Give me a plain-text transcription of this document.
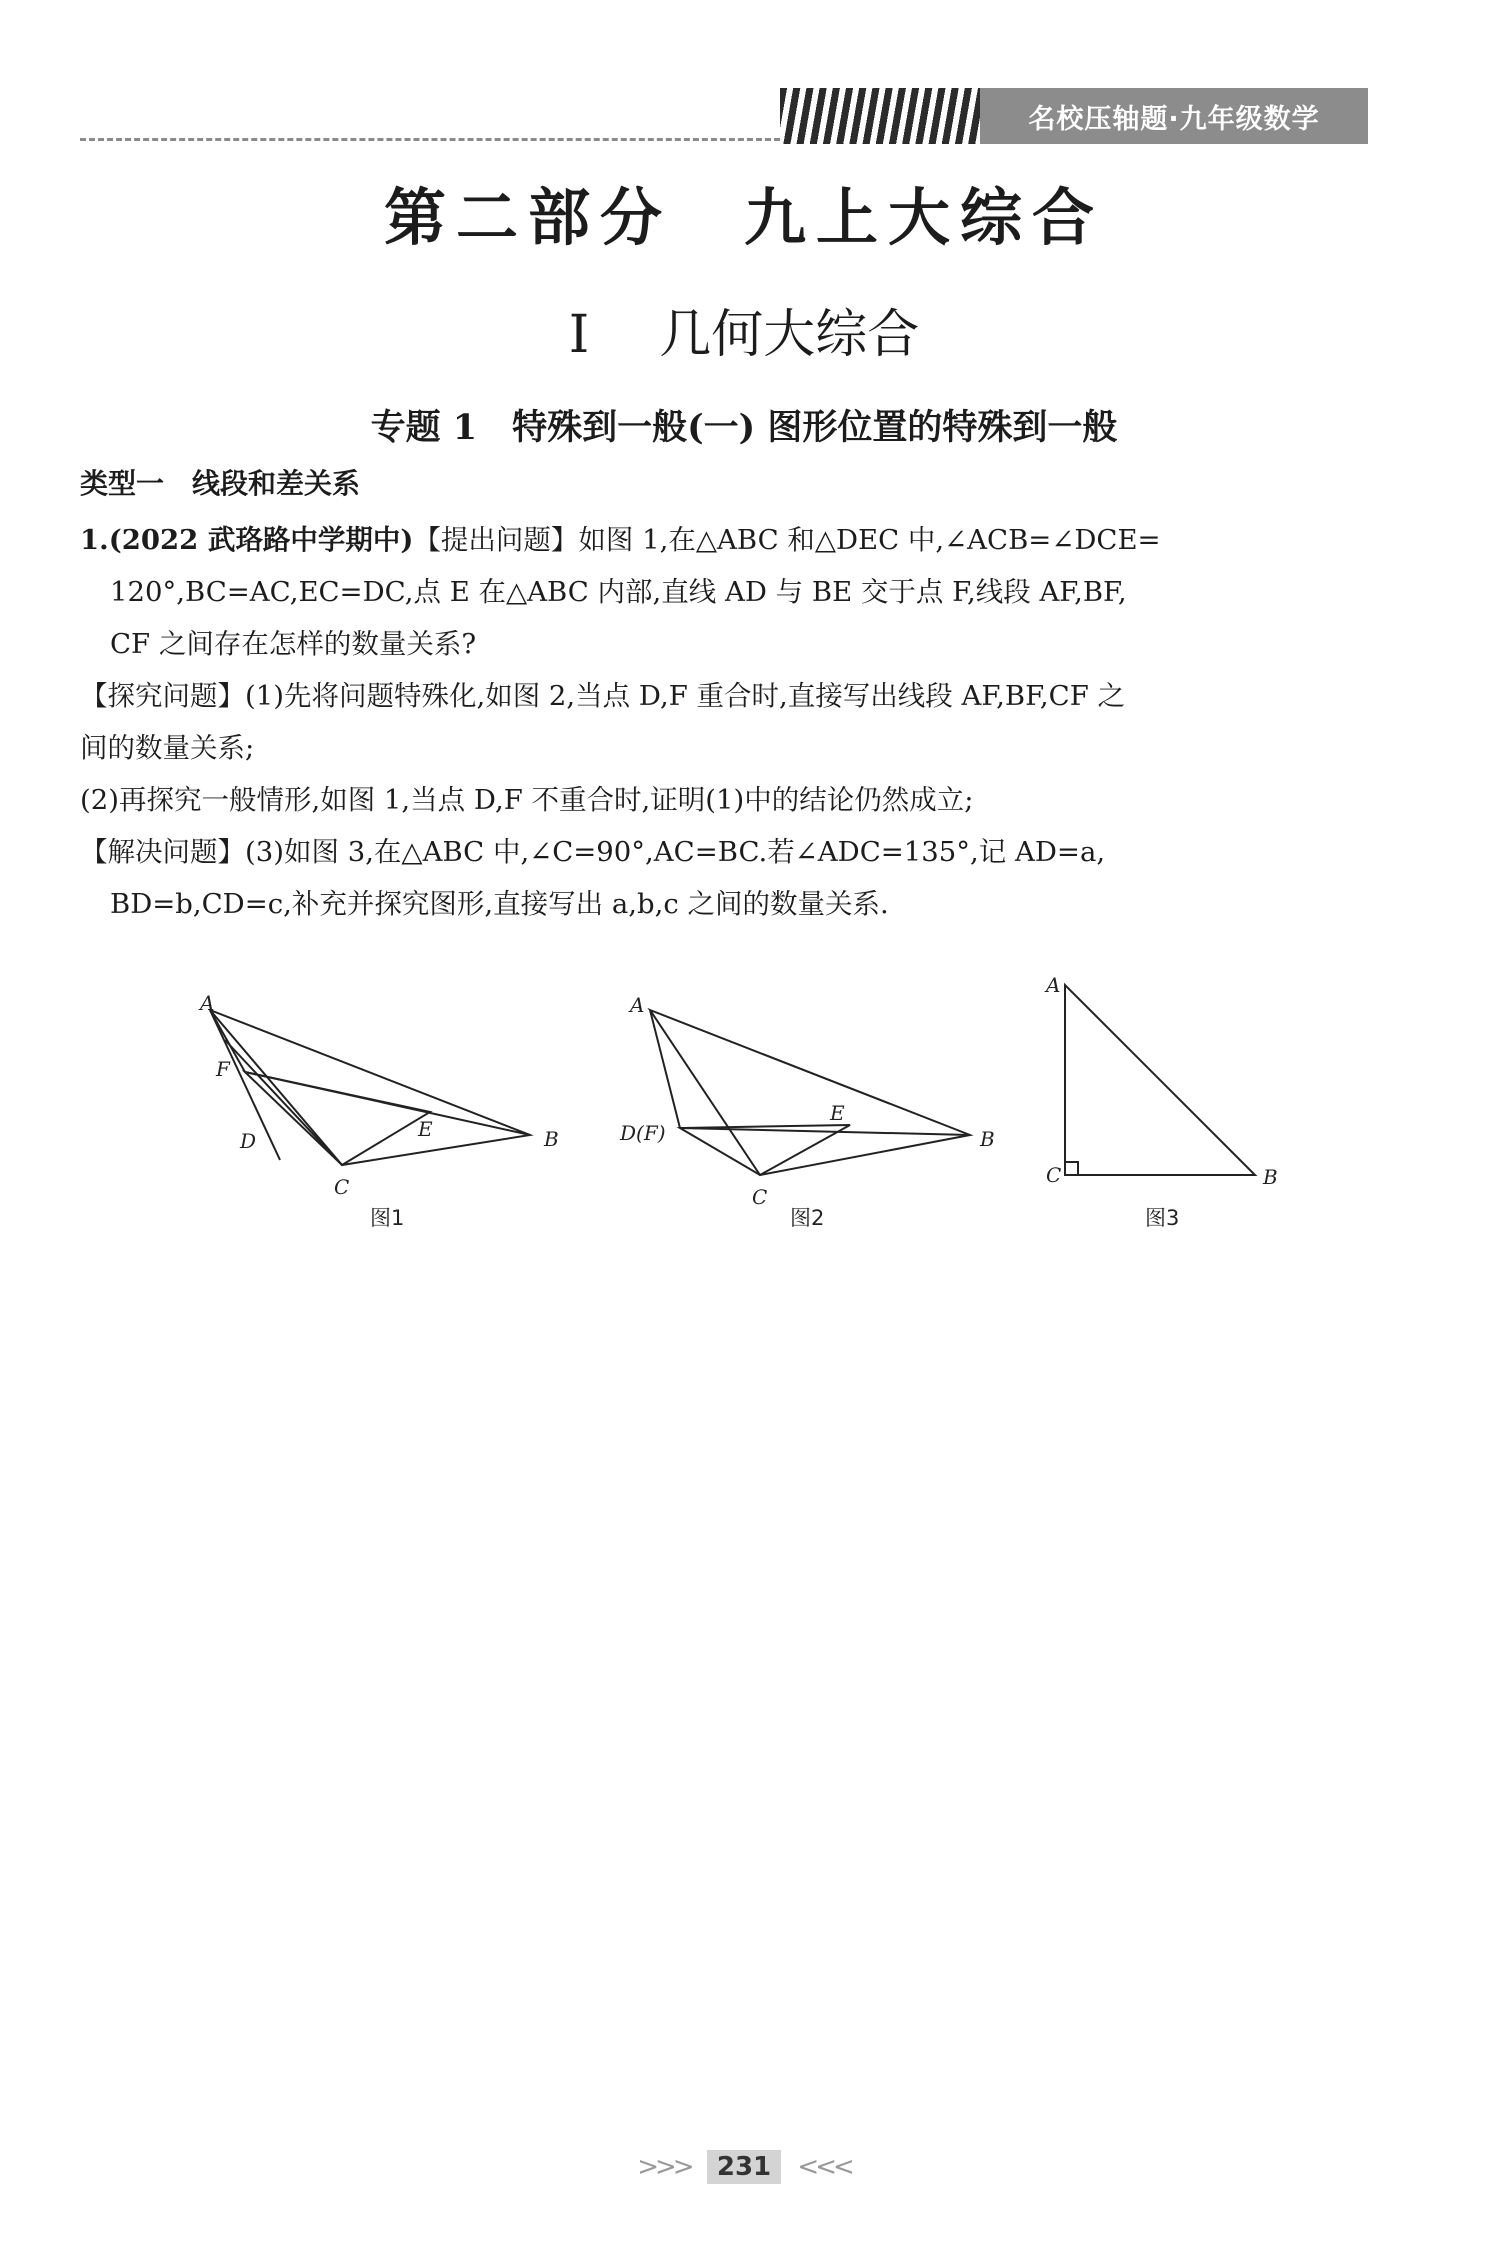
名校压轴题·九年级数学
第二部分　九上大综合
I 几何大综合
专题 1　特殊到一般(一) 图形位置的特殊到一般
类型一　线段和差关系

1.(2022 武珞路中学期中)【提出问题】如图 1,在△ABC 和△DEC 中,∠ACB=∠DCE=

120°,BC=AC,EC=DC,点 E 在△ABC 内部,直线 AD 与 BE 交于点 F,线段 AF,BF,

CF 之间存在怎样的数量关系?

【探究问题】(1)先将问题特殊化,如图 2,当点 D,F 重合时,直接写出线段 AF,BF,CF 之

间的数量关系;

(2)再探究一般情形,如图 1,当点 D,F 不重合时,证明(1)中的结论仍然成立;

【解决问题】(3)如图 3,在△ABC 中,∠C=90°,AC=BC.若∠ADC=135°,记 AD=a,

BD=b,CD=c,补充并探究图形,直接写出 a,b,c 之间的数量关系.

A
F
D	E
C
B
图1
A
D(F)
E
C
B
图2
A
C	B
图3
>>> 231 <<<
